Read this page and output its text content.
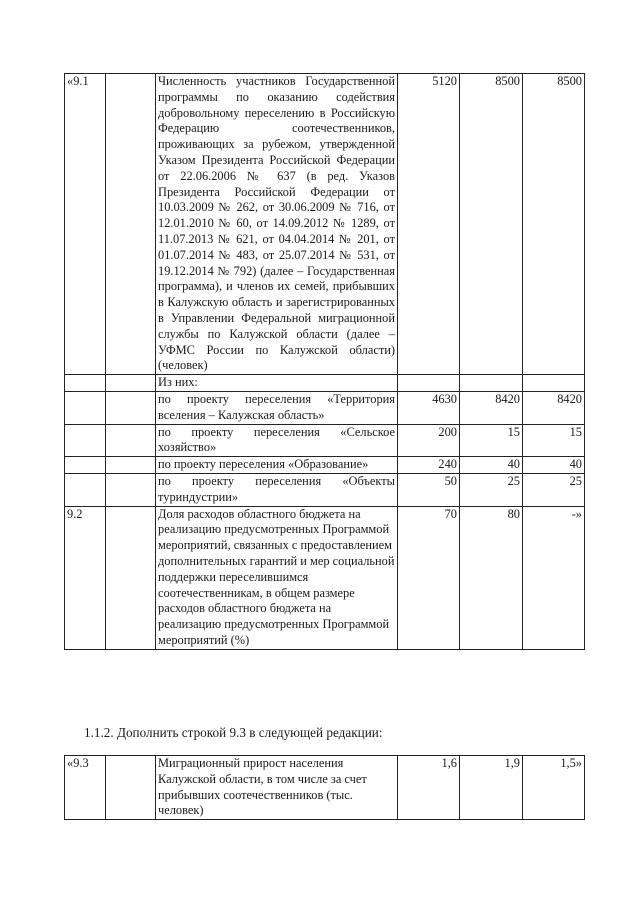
«9.1		Численность участников Государственной программы по оказанию содействия добровольному переселению в Российскую Федерацию соотечественников, проживающих за рубежом, утвержденной Указом Президента Российской Федерации от 22.06.2006 № 637 (в ред. Указов Президента Российской Федерации от 10.03.2009 № 262, от 30.06.2009 № 716, от 12.01.2010 № 60, от 14.09.2012 № 1289, от 11.07.2013 № 621, от 04.04.2014 № 201, от 01.07.2014 № 483, от 25.07.2014 № 531, от 19.12.2014 № 792) (далее – Государственная программа), и членов их семей, прибывших в Калужскую область и зарегистрированных в Управлении Федеральной миграционной службы по Калужской области (далее – УФМС России по Калужской области) (человек)	5120	8500	8500
		Из них:			
		по проекту переселения «Территория вселения – Калужская область»	4630	8420	8420
		по проекту переселения «Сельское хозяйство»	200	15	15
		по проекту переселения «Образование»	240	40	40
		по проекту переселения «Объекты туриндустрии»	50	25	25
9.2		Доля расходов областного бюджета на реализацию предусмотренных Программой мероприятий, связанных с предоставлением дополнительных гарантий и мер социальной поддержки переселившимся соотечественникам, в общем размере расходов областного бюджета на реализацию предусмотренных Программой мероприятий (%)	70	80	-»
1.1.2. Дополнить строкой 9.3 в следующей редакции:
«9.3		Миграционный прирост населения Калужской области, в том числе за счет прибывших соотечественников (тыс. человек)	1,6	1,9	1,5»
